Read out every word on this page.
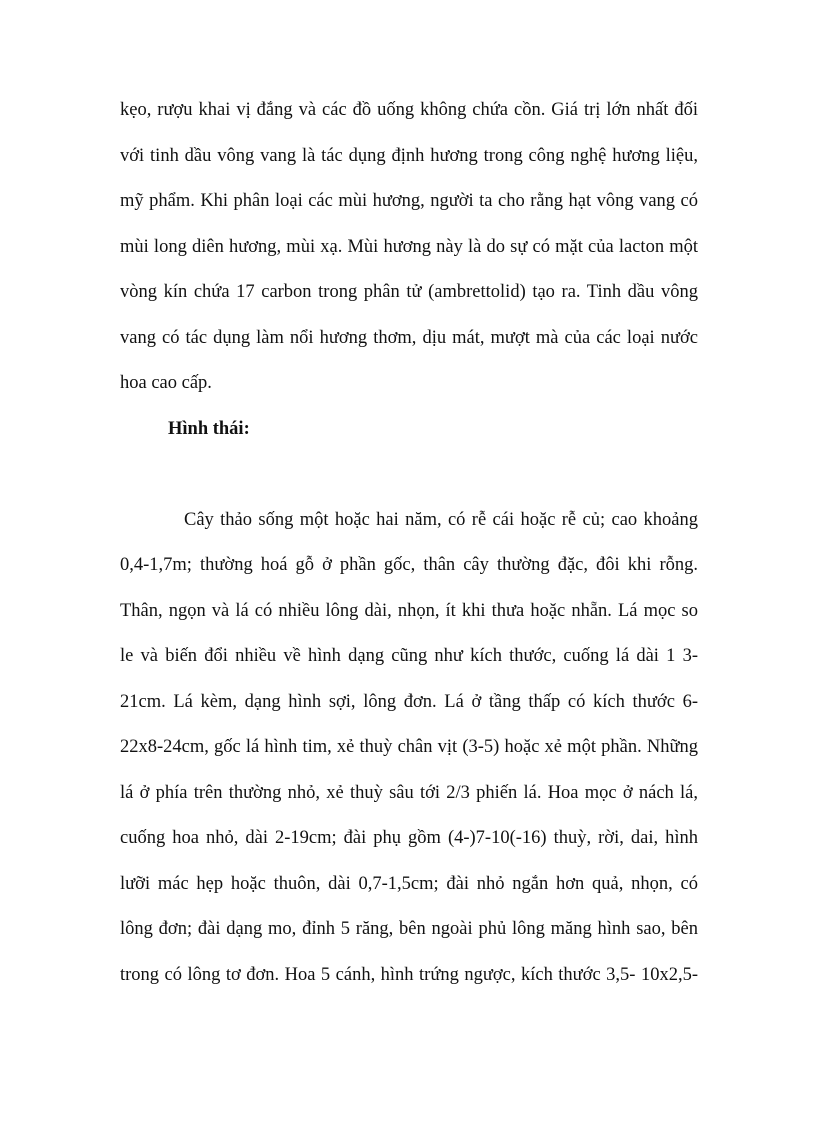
kẹo, rượu khai vị đắng và các đồ uống không chứa cồn. Giá trị lớn nhất đối
với tinh dầu vông vang là tác dụng định hương trong công nghệ hương liệu,
mỹ phẩm. Khi phân loại các mùi hương, người ta cho rằng hạt vông vang có
mùi long diên hương, mùi xạ. Mùi hương này là do sự có mặt của lacton một
vòng kín chứa 17 carbon trong phân tử (ambrettolid) tạo ra. Tinh dầu vông
vang có tác dụng làm nổi hương thơm, dịu mát, mượt mà của các loại nước
hoa cao cấp.
Hình thái:
Cây thảo sống một hoặc hai năm, có rễ cái hoặc rễ củ; cao khoảng
0,4-1,7m; thường hoá gỗ ở phần gốc, thân cây thường đặc, đôi khi rỗng.
Thân, ngọn và lá có nhiều lông dài, nhọn, ít khi thưa hoặc nhẵn. Lá mọc so
le và biến đổi nhiều về hình dạng cũng như kích thước, cuống lá dài 1 3-
21cm. Lá kèm, dạng hình sợi, lông đơn. Lá ở tầng thấp có kích thước 6-
22x8-24cm, gốc lá hình tim, xẻ thuỳ chân vịt (3-5) hoặc xẻ một phần. Những
lá ở phía trên thường nhỏ, xẻ thuỳ sâu tới 2/3 phiến lá. Hoa mọc ở nách lá,
cuống hoa nhỏ, dài 2-19cm; đài phụ gồm (4-)7-10(-16) thuỳ, rời, dai, hình
lưỡi mác hẹp hoặc thuôn, dài 0,7-1,5cm; đài nhỏ ngắn hơn quả, nhọn, có
lông đơn; đài dạng mo, đỉnh 5 răng, bên ngoài phủ lông măng hình sao, bên
trong có lông tơ đơn. Hoa 5 cánh, hình trứng ngược, kích thước 3,5- 10x2,5-
